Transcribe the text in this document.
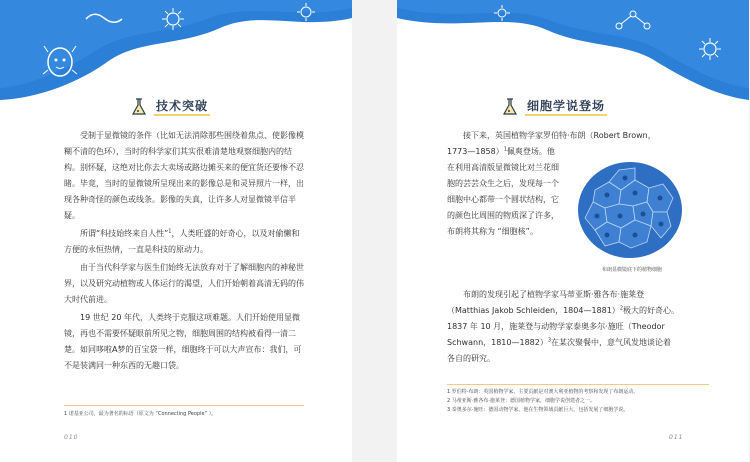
技术突破

受制于显微镜的条件（比如无法消除那些围绕着焦点、使影像模糊不清的色环），当时的科学家们其实很难清楚地观察细胞内的结构。别怀疑，这绝对比你去大卖场或路边摊买来的便宜货还要惨不忍睹。毕竟，当时的显微镜所呈现出来的影像总是和灵异照片一样，出现各种奇怪的颜色或线条。影像的失真，让许多人对显微镜半信半疑。

所谓“科技始终来自人性”$^1$，人类旺盛的好奇心，以及对偷懒和方便的永恒热情，一直是科技的原动力。

由于当代科学家与医生们始终无法放弃对于了解细胞内的神秘世界，以及研究动植物或人体运行的渴望，人们开始朝着高清无码的伟大时代前进。

19 世纪 20 年代，人类终于克服这项难题。人们开始使用显微镜，再也不需要怀疑眼前所见之物，细胞周围的结构被看得一清二楚。如同哆啦A梦的百宝袋一样，细胞终于可以大声宣布：我们，可不是装满同一种东西的无趣口袋。

1 诺基亚公司，最为著名的标语（原文为 “Connecting People” ）。
010
细胞学说登场
接下来，英国植物学家罗伯特·布朗（Robert Brown，
1773—1858）$^1$佩爽登场。他
在利用高清版显微镜比对兰花细
胞的芸芸众生之后，发现每一个
细胞中心都带一个圆状结构，它
的颜色比周围的物质深了许多，
布朗将其称为 “细胞核”。
布朗显微镜底下的植物细胞
布朗的发现引起了植物学家马蒂亚斯·雅各布·施莱登
（Matthias Jakob Schleiden，1804—1881）$^2$极大的好奇心。
1837 年 10 月，施莱登与动物学家泰奥多尔·施旺（Theodor
Schwann，1810—1882）$^3$在某次聚餐中，意气风发地谈论着
各自的研究。
1 罗伯特·布朗：英国植物学家，主要贡献是对澳大利亚植物的考察和发现了布朗运动。
2 马蒂亚斯·雅各布·施莱登：德国植物学家，细胞学说创建者之一。
3 泰奥多尔·施旺：德国动物学家，他在生物领域贡献巨大，包括发展了细胞学说。
011
